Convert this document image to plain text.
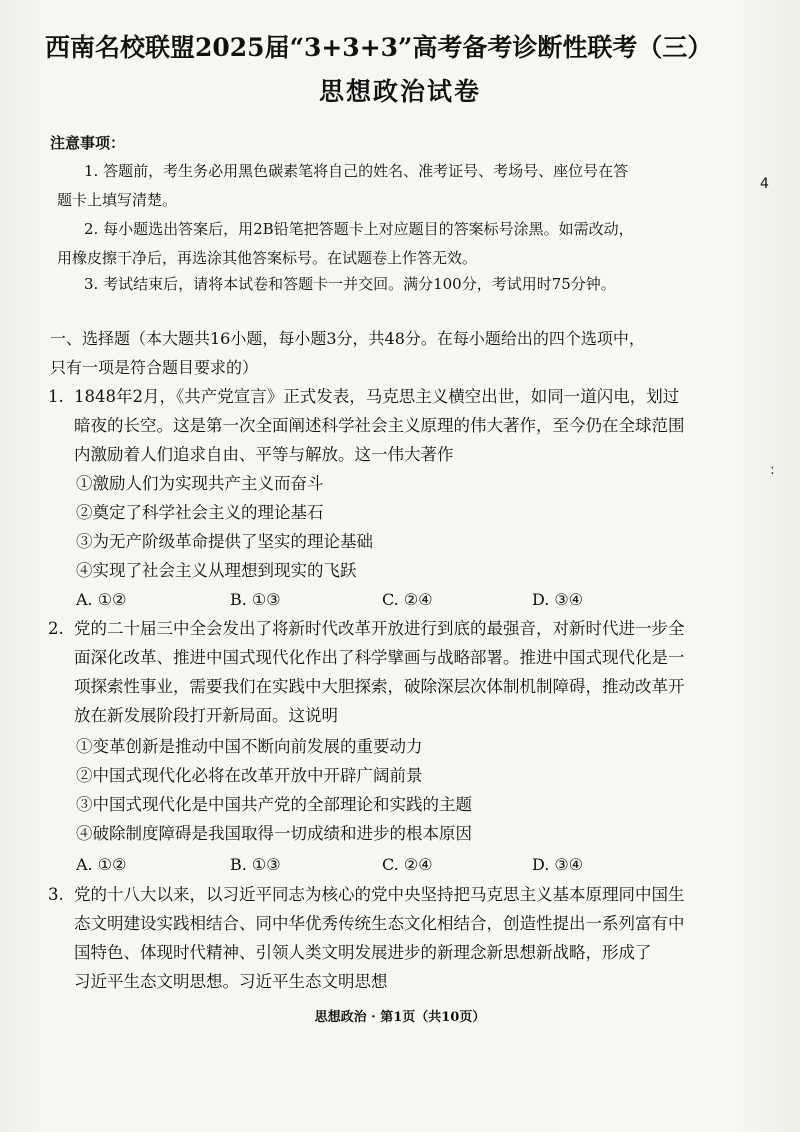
西南名校联盟2025届“3+3+3”高考备考诊断性联考（三）
思想政治试卷
4
:
注意事项：
1. 答题前，考生务必用黑色碳素笔将自己的姓名、准考证号、考场号、座位号在答
题卡上填写清楚。
2. 每小题选出答案后，用2B铅笔把答题卡上对应题目的答案标号涂黑。如需改动，
用橡皮擦干净后，再选涂其他答案标号。在试题卷上作答无效。
3. 考试结束后，请将本试卷和答题卡一并交回。满分100分，考试用时75分钟。
一、选择题（本大题共16小题，每小题3分，共48分。在每小题给出的四个选项中，
只有一项是符合题目要求的）
1. 1848年2月，《共产党宣言》正式发表，马克思主义横空出世，如同一道闪电，划过
暗夜的长空。这是第一次全面阐述科学社会主义原理的伟大著作，至今仍在全球范围
内激励着人们追求自由、平等与解放。这一伟大著作
①激励人们为实现共产主义而奋斗
②奠定了科学社会主义的理论基石
③为无产阶级革命提供了坚实的理论基础
④实现了社会主义从理想到现实的飞跃
A. ①②	B. ①③	C. ②④	D. ③④
2. 党的二十届三中全会发出了将新时代改革开放进行到底的最强音，对新时代进一步全
面深化改革、推进中国式现代化作出了科学擘画与战略部署。推进中国式现代化是一
项探索性事业，需要我们在实践中大胆探索，破除深层次体制机制障碍，推动改革开
放在新发展阶段打开新局面。这说明
①变革创新是推动中国不断向前发展的重要动力
②中国式现代化必将在改革开放中开辟广阔前景
③中国式现代化是中国共产党的全部理论和实践的主题
④破除制度障碍是我国取得一切成绩和进步的根本原因
A. ①②	B. ①③	C. ②④	D. ③④
3. 党的十八大以来，以习近平同志为核心的党中央坚持把马克思主义基本原理同中国生
态文明建设实践相结合、同中华优秀传统生态文化相结合，创造性提出一系列富有中
国特色、体现时代精神、引领人类文明发展进步的新理念新思想新战略，形成了
习近平生态文明思想。习近平生态文明思想
思想政治 · 第1页（共10页）
